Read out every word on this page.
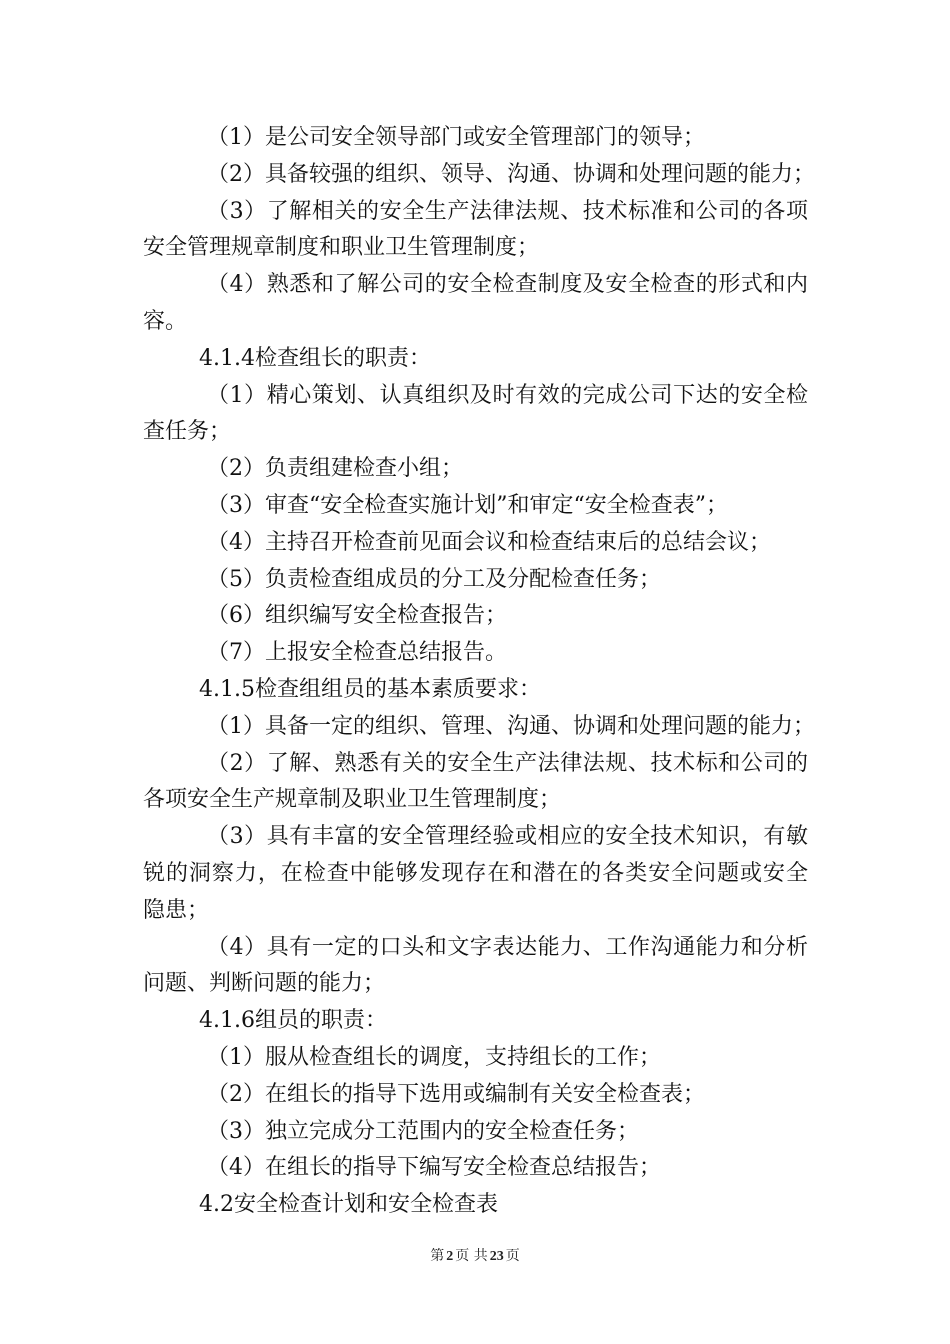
（1）是公司安全领导部门或安全管理部门的领导；
（2）具备较强的组织、领导、沟通、协调和处理问题的能力；
（3）了解相关的安全生产法律法规、技术标准和公司的各项
安全管理规章制度和职业卫生管理制度；
（4）熟悉和了解公司的安全检查制度及安全检查的形式和内
容。
4.1.4检查组长的职责：
（1）精心策划、认真组织及时有效的完成公司下达的安全检
查任务；
（2）负责组建检查小组；
（3）审查“安全检查实施计划”和审定“安全检查表”；
（4）主持召开检查前见面会议和检查结束后的总结会议；
（5）负责检查组成员的分工及分配检查任务；
（6）组织编写安全检查报告；
（7）上报安全检查总结报告。
4.1.5检查组组员的基本素质要求：
（1）具备一定的组织、管理、沟通、协调和处理问题的能力；
（2）了解、熟悉有关的安全生产法律法规、技术标和公司的
各项安全生产规章制及职业卫生管理制度；
（3）具有丰富的安全管理经验或相应的安全技术知识，有敏
锐的洞察力，在检查中能够发现存在和潜在的各类安全问题或安全
隐患；
（4）具有一定的口头和文字表达能力、工作沟通能力和分析
问题、判断问题的能力；
4.1.6组员的职责：
（1）服从检查组长的调度，支持组长的工作；
（2）在组长的指导下选用或编制有关安全检查表；
（3）独立完成分工范围内的安全检查任务；
（4）在组长的指导下编写安全检查总结报告；
4.2安全检查计划和安全检查表
第 2 页 共 23 页
